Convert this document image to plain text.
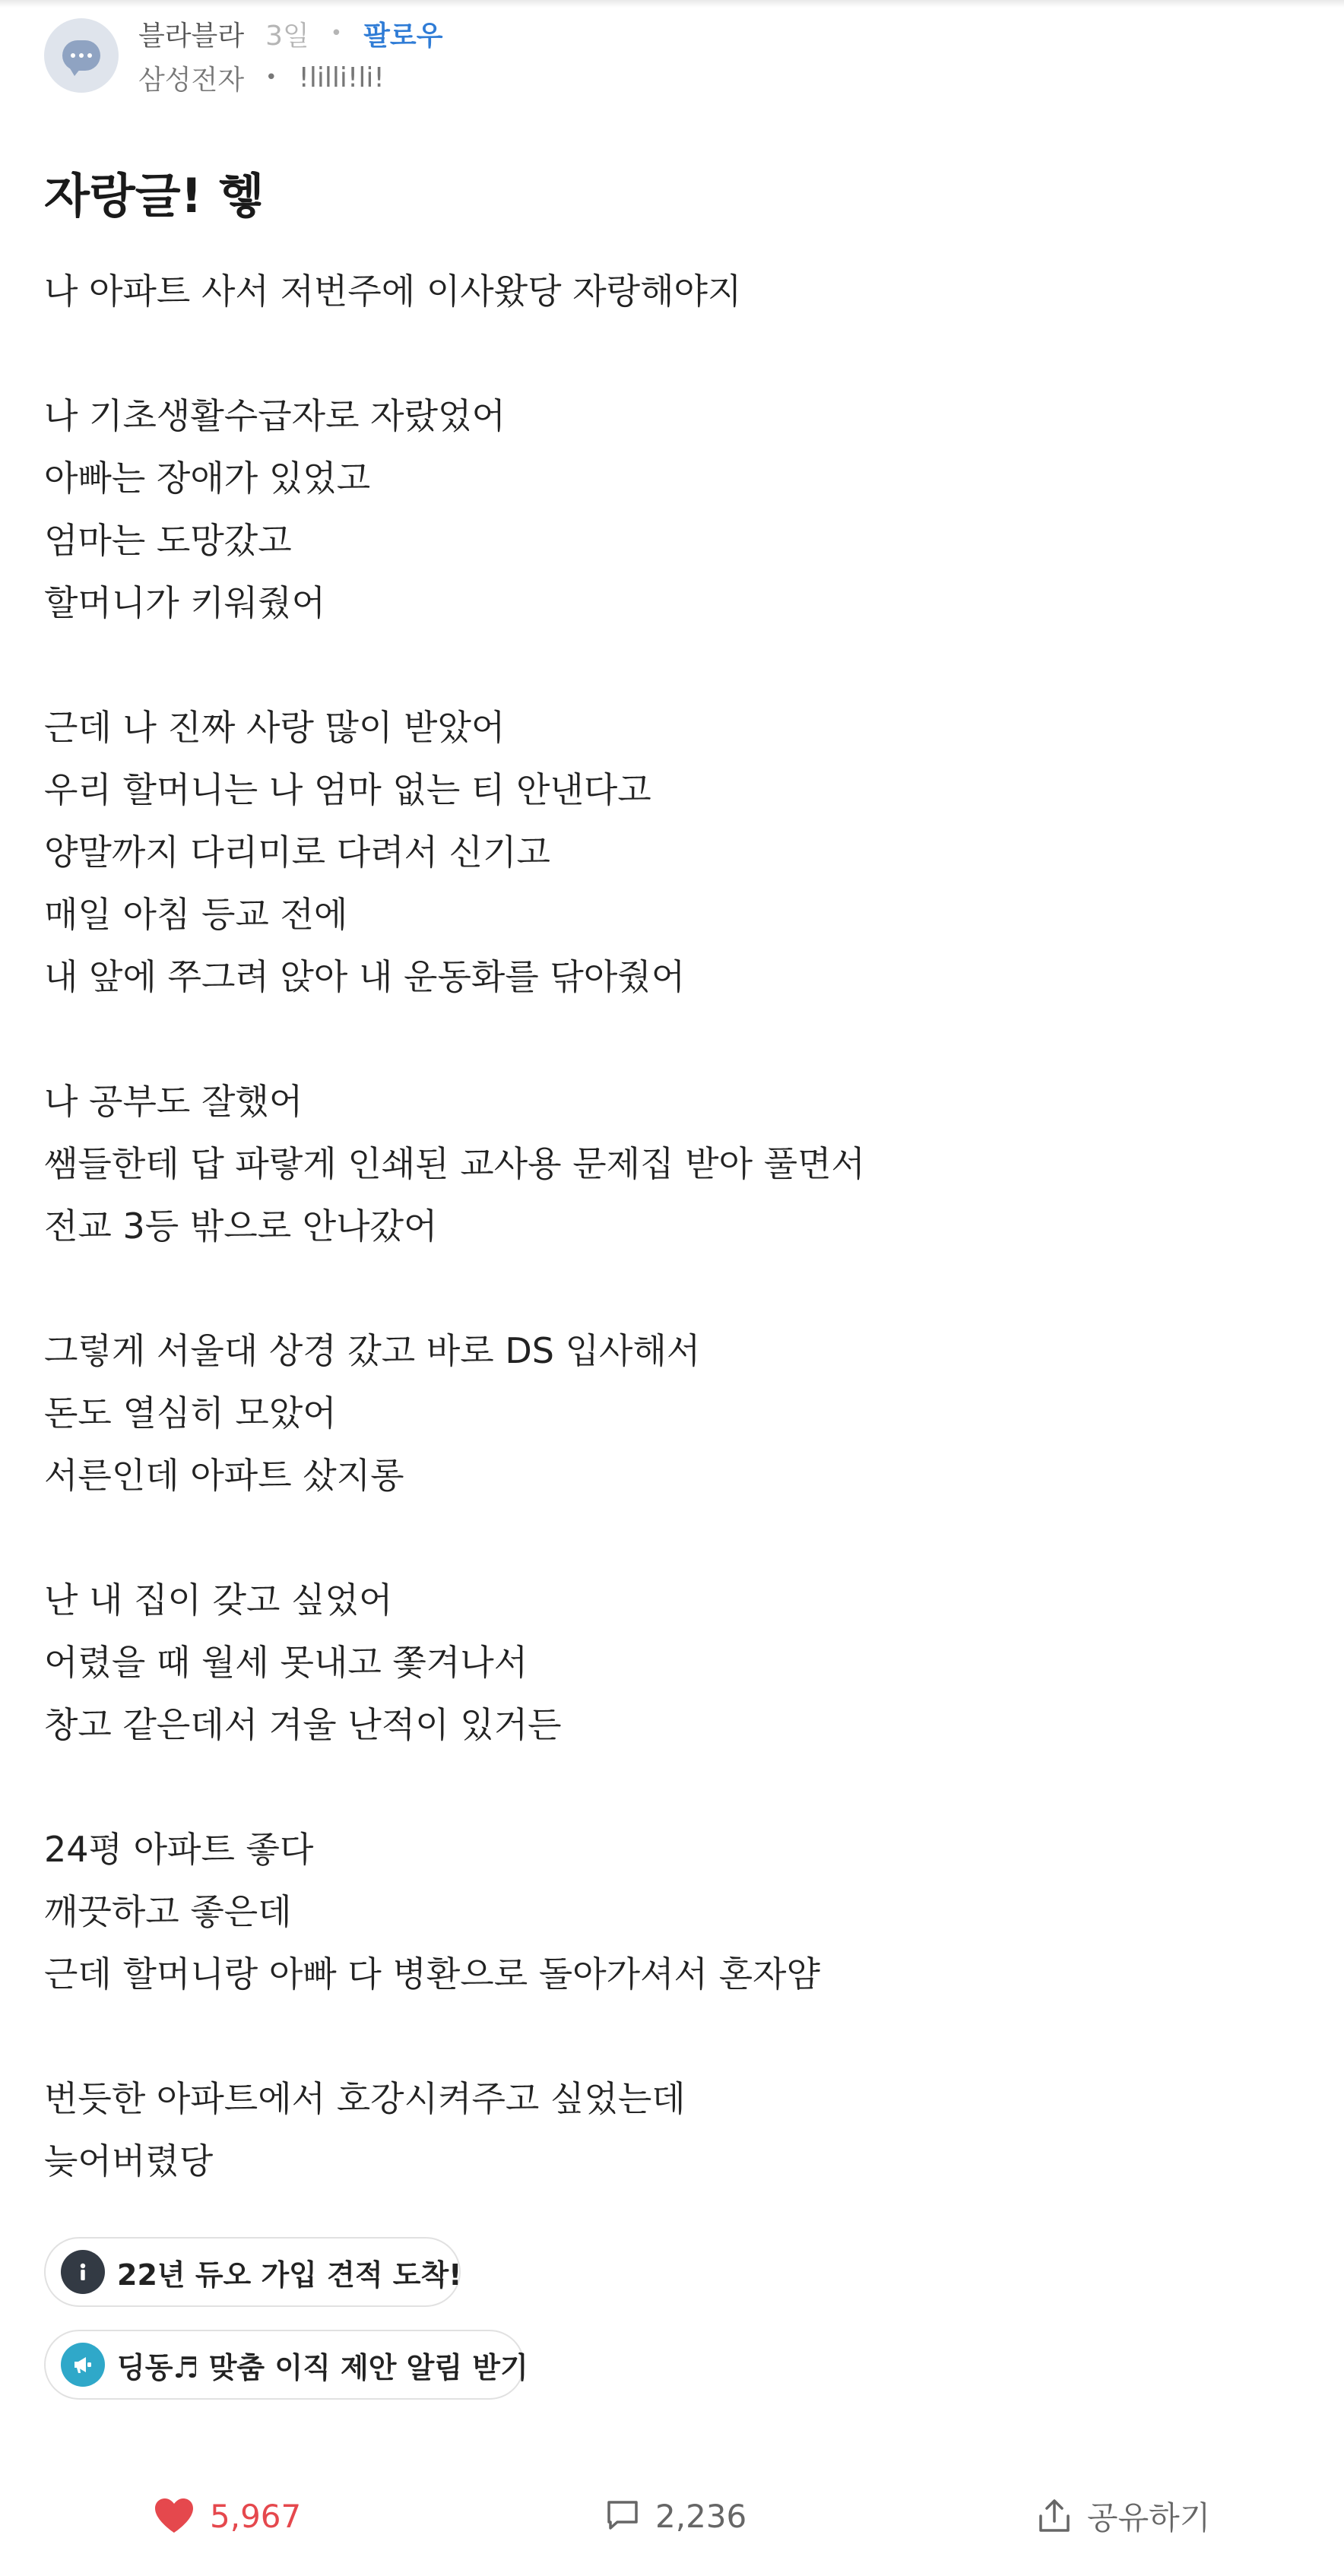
블라블라 3일 • 팔로우
삼성전자 • !lilli!li!
자랑글! 헿
나 아파트 사서 저번주에 이사왔당 자랑해야지
나 기초생활수급자로 자랐었어
아빠는 장애가 있었고
엄마는 도망갔고
할머니가 키워줬어
근데 나 진짜 사랑 많이 받았어
우리 할머니는 나 엄마 없는 티 안낸다고
양말까지 다리미로 다려서 신기고
매일 아침 등교 전에
내 앞에 쭈그려 앉아 내 운동화를 닦아줬어
나 공부도 잘했어
쌤들한테 답 파랗게 인쇄된 교사용 문제집 받아 풀면서
전교 3등 밖으로 안나갔어
그렇게 서울대 상경 갔고 바로 DS 입사해서
돈도 열심히 모았어
서른인데 아파트 샀지롱
난 내 집이 갖고 싶었어
어렸을 때 월세 못내고 쫓겨나서
창고 같은데서 겨울 난적이 있거든
24평 아파트 좋다
깨끗하고 좋은데
근데 할머니랑 아빠 다 병환으로 돌아가셔서 혼자얌
번듯한 아파트에서 호강시켜주고 싶었는데
늦어버렸당
22년 듀오 가입 견적 도착!
딩동♬ 맞춤 이직 제안 알림 받기
5,967	2,236	공유하기
